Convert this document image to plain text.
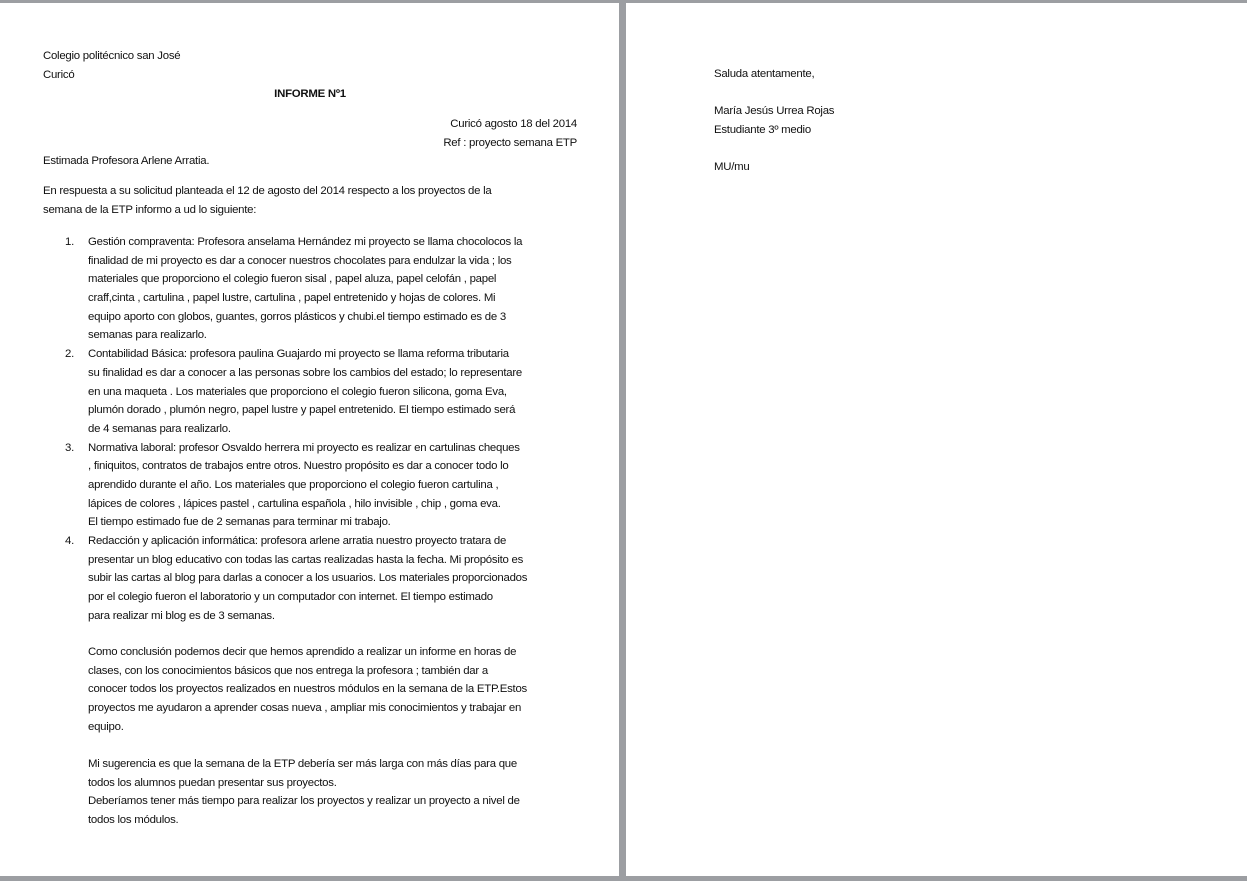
Colegio politécnico san José
Curicó
INFORME Nº1
Curicó agosto 18 del 2014
Ref : proyecto semana ETP
Estimada Profesora Arlene Arratia.
En respuesta a su solicitud planteada el 12 de agosto del 2014 respecto a los proyectos de la
semana de la ETP informo a ud lo siguiente:
1. Gestión compraventa: Profesora anselama Hernández mi proyecto se llama chocolocos la
finalidad de mi proyecto es dar a conocer nuestros chocolates para endulzar la vida ; los
materiales que proporciono el colegio fueron sisal , papel aluza, papel celofán , papel
craff,cinta , cartulina , papel lustre, cartulina , papel entretenido y hojas de colores. Mi
equipo aporto con globos, guantes, gorros plásticos y chubi.el tiempo estimado es de 3
semanas para realizarlo.
2. Contabilidad Básica: profesora paulina Guajardo mi proyecto se llama reforma tributaria
su finalidad es dar a conocer a las personas sobre los cambios del estado; lo representare
en una maqueta . Los materiales que proporciono el colegio fueron silicona, goma Eva,
plumón dorado , plumón negro, papel lustre y papel entretenido. El tiempo estimado será
de 4 semanas para realizarlo.
3. Normativa laboral: profesor Osvaldo herrera mi proyecto es realizar en cartulinas cheques
, finiquitos, contratos de trabajos entre otros. Nuestro propósito es dar a conocer todo lo
aprendido durante el año. Los materiales que proporciono el colegio fueron cartulina ,
lápices de colores , lápices pastel , cartulina española , hilo invisible , chip , goma eva.
El tiempo estimado fue de 2 semanas para terminar mi trabajo.
4. Redacción y aplicación informática: profesora arlene arratia nuestro proyecto tratara de
presentar un blog educativo con todas las cartas realizadas hasta la fecha. Mi propósito es
subir las cartas al blog para darlas a conocer a los usuarios. Los materiales proporcionados
por el colegio fueron el laboratorio y un computador con internet. El tiempo estimado
para realizar mi blog es de 3 semanas.
Como conclusión podemos decir que hemos aprendido a realizar un informe en horas de
clases, con los conocimientos básicos que nos entrega la profesora ; también dar a
conocer todos los proyectos realizados en nuestros módulos en la semana de la ETP.Estos
proyectos me ayudaron a aprender cosas nueva , ampliar mis conocimientos y trabajar en
equipo.
Mi sugerencia es que la semana de la ETP debería ser más larga con más días para que
todos los alumnos puedan presentar sus proyectos.
Deberíamos tener más tiempo para realizar los proyectos y realizar un proyecto a nivel de
todos los módulos.
Saluda atentamente,
María Jesús Urrea Rojas
Estudiante 3º medio
MU/mu
